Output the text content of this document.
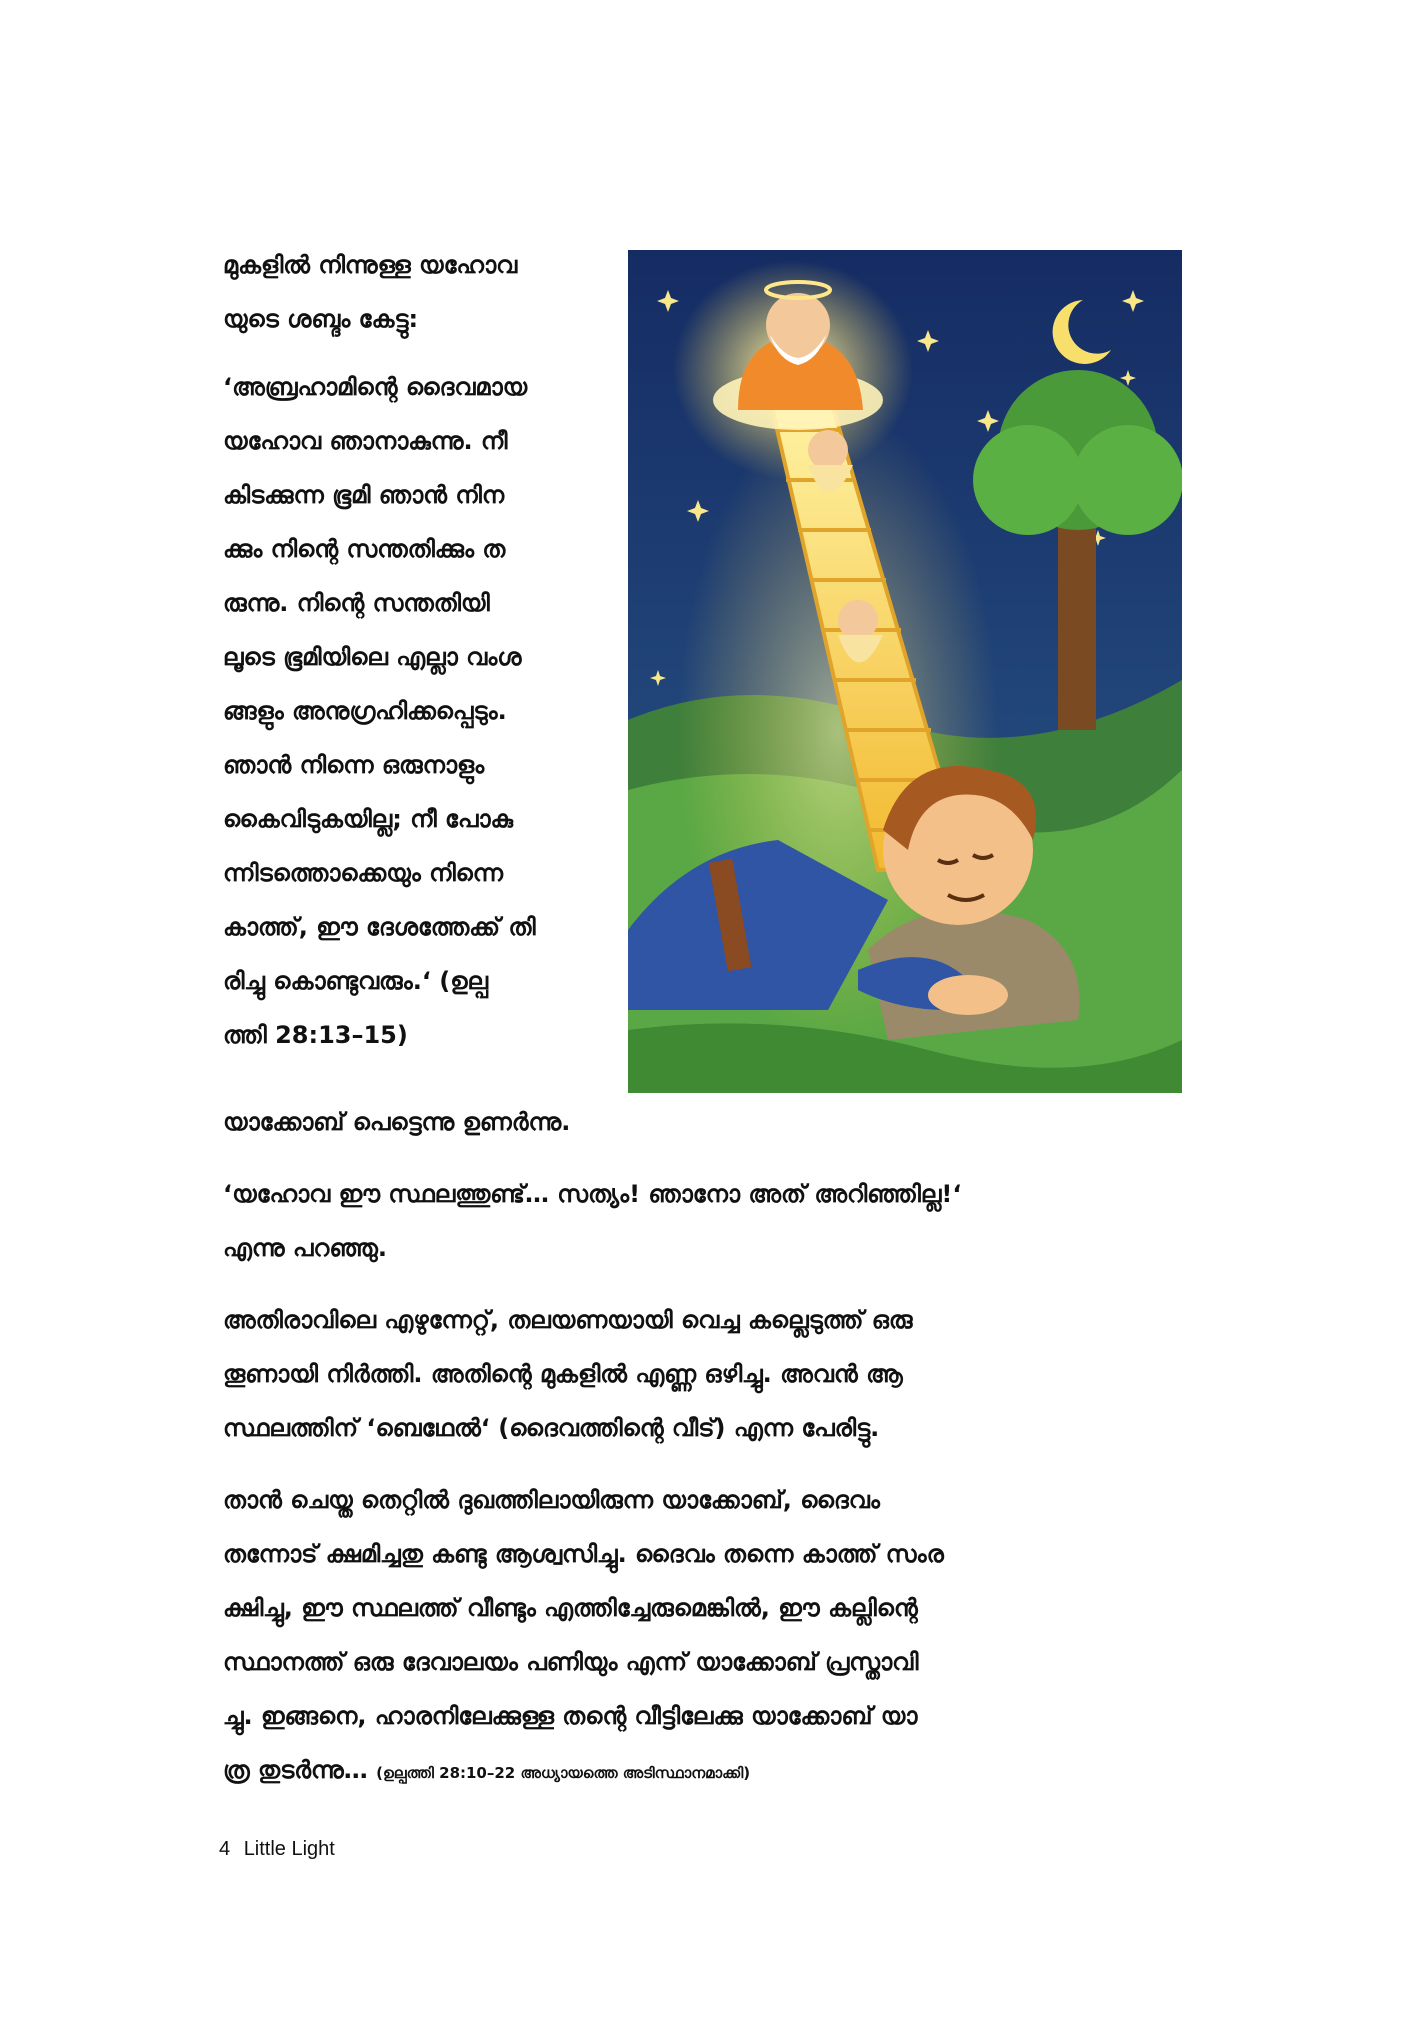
മുകളിൽ നിന്നുള്ള യഹോവ
യുടെ ശബ്ദം കേട്ടു:

‘അബ്രഹാമിന്റെ ദൈവമായ
യഹോവ ഞാനാകുന്നു. നീ
കിടക്കുന്ന ഭൂമി ഞാൻ നിന
ക്കും നിന്റെ സന്തതിക്കും ത
രുന്നു. നിന്റെ സന്തതിയി
ലൂടെ ഭൂമിയിലെ എല്ലാ വംശ
ങ്ങളും അനുഗ്രഹിക്കപ്പെടും.
ഞാൻ നിന്നെ ഒരുനാളും
കൈവിടുകയില്ല; നീ പോകു
ന്നിടത്തൊക്കെയും നിന്നെ
കാത്ത്, ഈ ദേശത്തേക്ക് തി
രിച്ചു കൊണ്ടുവരും.‘ (ഉല്പ
ത്തി 28:13–15)

യാക്കോബ് പെട്ടെന്നു ഉണർന്നു.

‘യഹോവ ഈ സ്ഥലത്തുണ്ട്… സത്യം! ഞാനോ അത് അറിഞ്ഞില്ല!‘
എന്നു പറഞ്ഞു.

അതിരാവിലെ എഴുന്നേറ്റ്, തലയണയായി വെച്ച കല്ലെടുത്ത് ഒരു
തൂണായി നിർത്തി. അതിന്റെ മുകളിൽ എണ്ണ ഒഴിച്ചു. അവൻ ആ
സ്ഥലത്തിന് ‘ബെഥേൽ‘ (ദൈവത്തിന്റെ വീട്) എന്ന പേരിട്ടു.

താൻ ചെയ്ത തെറ്റിൽ ദുഖത്തിലായിരുന്ന യാക്കോബ്, ദൈവം
തന്നോട് ക്ഷമിച്ചതു കണ്ടു ആശ്വസിച്ചു. ദൈവം തന്നെ കാത്ത് സംര
ക്ഷിച്ചു, ഈ സ്ഥലത്ത് വീണ്ടും എത്തിച്ചേരുമെങ്കിൽ, ഈ കല്ലിന്റെ
സ്ഥാനത്ത് ഒരു ദേവാലയം പണിയും എന്ന് യാക്കോബ് പ്രസ്താവി
ച്ചു. ഇങ്ങനെ, ഹാരനിലേക്കുള്ള തന്റെ വീട്ടിലേക്കു യാക്കോബ് യാ
ത്ര തുടർന്നു… (ഉല്പത്തി 28:10–22 അധ്യായത്തെ അടിസ്ഥാനമാക്കി)

4 Little Light
